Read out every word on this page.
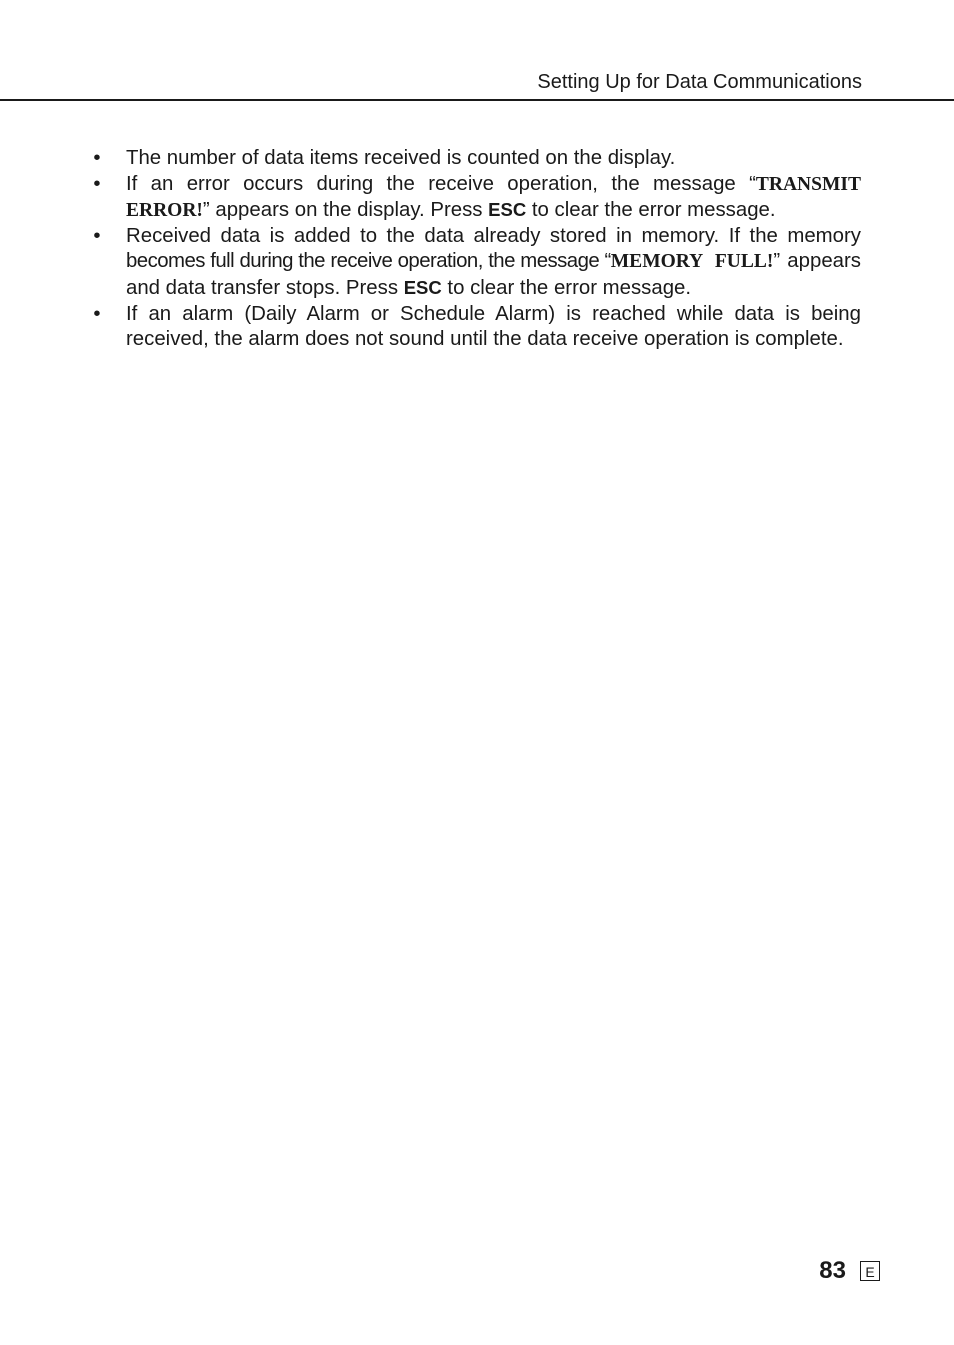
Setting Up for Data Communications
• The number of data items received is counted on the display.
• If an error occurs during the receive operation, the message “TRANSMIT ERROR!” appears on the display. Press ESC to clear the error message.
• Received data is added to the data already stored in memory. If the memory becomes full during the receive operation, the message “MEMORY FULL!” appears and data transfer stops. Press ESC to clear the error message.
• If an alarm (Daily Alarm or Schedule Alarm) is reached while data is being received, the alarm does not sound until the data receive operation is complete.
83	E
